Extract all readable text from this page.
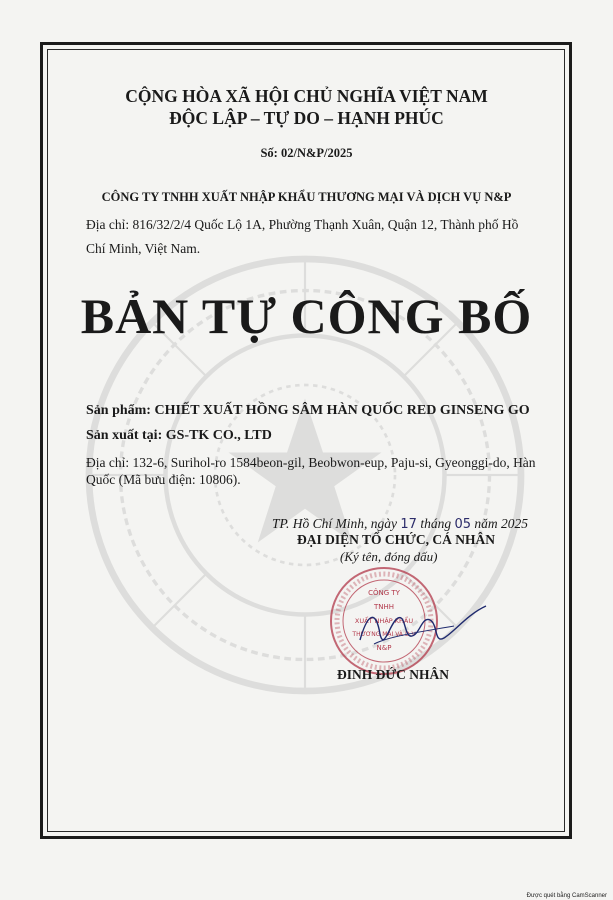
CỘNG HÒA XÃ HỘI CHỦ NGHĨA VIỆT NAM
ĐỘC LẬP – TỰ DO – HẠNH PHÚC
Số: 02/N&P/2025
CÔNG TY TNHH XUẤT NHẬP KHẨU THƯƠNG MẠI VÀ DỊCH VỤ N&P
Địa chỉ: 816/32/2/4 Quốc Lộ 1A, Phường Thạnh Xuân, Quận 12, Thành phố Hồ
Chí Minh, Việt Nam.
BẢN TỰ CÔNG BỐ
Sản phẩm: CHIẾT XUẤT HỒNG SÂM HÀN QUỐC RED GINSENG GO
Sản xuất tại: GS-TK CO., LTD
Địa chỉ: 132-6, Surihol-ro 1584beon-gil, Beobwon-eup, Paju-si, Gyeonggi-do, Hàn
Quốc (Mã bưu điện: 10806).
TP. Hồ Chí Minh, ngày 17 tháng 05 năm 2025
ĐẠI DIỆN TỔ CHỨC, CÁ NHÂN
(Ký tên, đóng dấu)
CÔNG TY
TNHH
XUẤT NHẬP KHẨU
THƯƠNG MẠI VÀ D.V
N&P
ĐINH ĐỨC NHÂN
Được quét bằng CamScanner
